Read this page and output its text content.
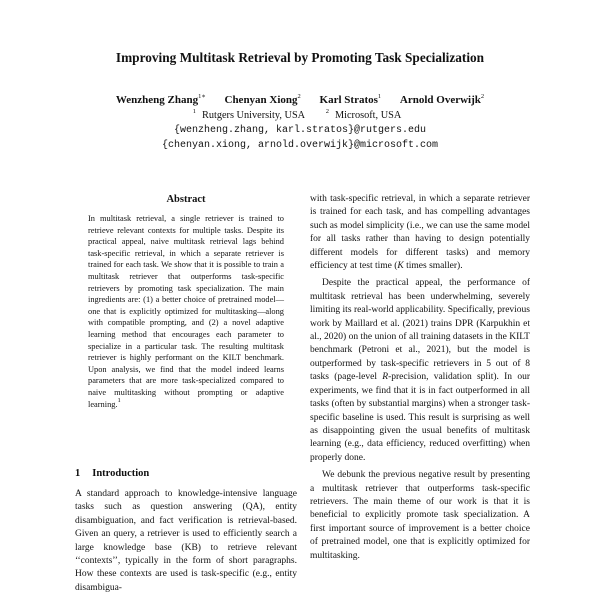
Improving Multitask Retrieval by Promoting Task Specialization
Wenzheng Zhang$^{1∗}$ Chenyan Xiong$^2$ Karl Stratos$^1$ Arnold Overwijk$^2$
$^1$ Rutgers University, USA	$^2$ Microsoft, USA
{wenzheng.zhang, karl.stratos}@rutgers.edu
{chenyan.xiong, arnold.overwijk}@microsoft.com
Abstract

In multitask retrieval, a single retriever is trained to retrieve relevant contexts for multiple tasks. Despite its practical appeal, naive multitask retrieval lags behind task-specific retrieval, in which a separate retriever is trained for each task. We show that it is possible to train a multitask retriever that outperforms task-specific retrievers by promoting task specialization. The main ingredients are: (1) a better choice of pretrained model—one that is explicitly optimized for multitasking—along with compatible prompting, and (2) a novel adaptive learning method that encourages each parameter to specialize in a particular task. The resulting multitask retriever is highly performant on the KILT benchmark. Upon analysis, we find that the model indeed learns parameters that are more task-specialized compared to naive multitasking without prompting or adaptive learning.$^1$

1 Introduction

A standard approach to knowledge-intensive language tasks such as question answering (QA), entity disambiguation, and fact verification is retrieval-based. Given an query, a retriever is used to efficiently search a large knowledge base (KB) to retrieve relevant ‘‘contexts’’, typically in the form of short paragraphs. How these contexts are used is task-specific (e.g., entity disambigua-

with task-specific retrieval, in which a separate retriever is trained for each task, and has compelling advantages such as model simplicity (i.e., we can use the same model for all tasks rather than having to design potentially different models for different tasks) and memory efficiency at test time (K times smaller).

Despite the practical appeal, the performance of multitask retrieval has been underwhelming, severely limiting its real-world applicability. Specifically, previous work by Maillard et al. (2021) trains DPR (Karpukhin et al., 2020) on the union of all training datasets in the KILT benchmark (Petroni et al., 2021), but the model is outperformed by task-specific retrievers in 5 out of 8 tasks (page-level R-precision, validation split). In our experiments, we find that it is in fact outperformed in all tasks (often by substantial margins) when a stronger task-specific baseline is used. This result is surprising as well as disappointing given the usual benefits of multitask learning (e.g., data efficiency, reduced overfitting) when properly done.

We debunk the previous negative result by presenting a multitask retriever that outperforms task-specific retrievers. The main theme of our work is that it is beneficial to explicitly promote task specialization. A first important source of improvement is a better choice of pretrained model, one that is explicitly optimized for multitasking.
